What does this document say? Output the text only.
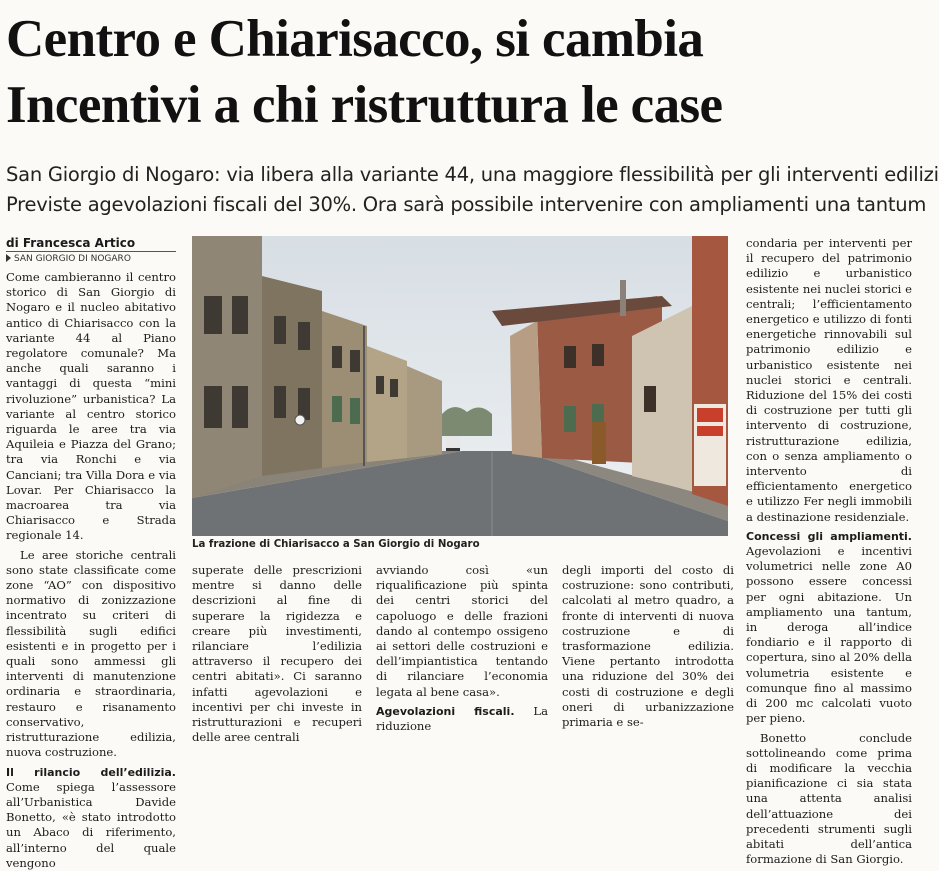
Centro e Chiarisacco, si cambia
Incentivi a chi ristruttura le case
San Giorgio di Nogaro: via libera alla variante 44, una maggiore flessibilità per gli interventi edilizi
Previste agevolazioni fiscali del 30%. Ora sarà possibile intervenire con ampliamenti una tantum
di Francesca Artico
SAN GIORGIO DI NOGARO

Come cambieranno il centro storico di San Giorgio di Nogaro e il nucleo abitativo antico di Chiarisacco con la variante 44 al Piano regolatore comunale? Ma anche quali saranno i vantaggi di questa “mini rivoluzione” urbanistica? La variante al centro storico riguarda le aree tra via Aquileia e Piazza del Grano; tra via Ronchi e via Canciani; tra Villa Dora e via Lovar. Per Chiarisacco la macroarea tra via Chiarisacco e Strada regionale 14.

Le aree storiche centrali sono state classificate come zone “AO” con dispositivo normativo di zonizzazione incentrato su criteri di flessibilità sugli edifici esistenti e in progetto per i quali sono ammessi gli interventi di manutenzione ordinaria e straordinaria, restauro e risanamento conservativo, ristrutturazione edilizia, nuova costruzione.

Il rilancio dell’edilizia. Come spiega l’assessore all’Urbanistica Davide Bonetto, «è stato introdotto un Abaco di riferimento, all’interno del quale vengono

La frazione di Chiarisacco a San Giorgio di Nogaro

superate delle prescrizioni mentre si danno delle descrizioni al fine di superare la rigidezza e creare più investimenti, rilanciare l’edilizia attraverso il recupero dei centri abitati». Ci saranno infatti agevolazioni e incentivi per chi investe in ristrutturazioni e recuperi delle aree centrali

avviando così «un riqualificazione più spinta dei centri storici del capoluogo e delle frazioni dando al contempo ossigeno ai settori delle costruzioni e dell’impiantistica tentando di rilanciare l’economia legata al bene casa».

Agevolazioni fiscali. La riduzione

degli importi del costo di costruzione: sono contributi, calcolati al metro quadro, a fronte di interventi di nuova costruzione e di trasformazione edilizia. Viene pertanto introdotta una riduzione del 30% dei costi di costruzione e degli oneri di urbanizzazione primaria e se-

condaria per interventi per il recupero del patrimonio edilizio e urbanistico esistente nei nuclei storici e centrali; l’efficientamento energetico e utilizzo di fonti energetiche rinnovabili sul patrimonio edilizio e urbanistico esistente nei nuclei storici e centrali. Riduzione del 15% dei costi di costruzione per tutti gli intervento di costruzione, ristrutturazione edilizia, con o senza ampliamento o intervento di efficientamento energetico e utilizzo Fer negli immobili a destinazione residenziale.

Concessi gli ampliamenti. Agevolazioni e incentivi volumetrici nelle zone A0 possono essere concessi per ogni abitazione. Un ampliamento una tantum, in deroga all’indice fondiario e il rapporto di copertura, sino al 20% della volumetria esistente e comunque fino al massimo di 200 mc calcolati vuoto per pieno.

Bonetto conclude sottolineando come prima di modificare la vecchia pianificazione ci sia stata una attenta analisi dell’attuazione dei precedenti strumenti sugli abitati dell’antica formazione di San Giorgio.
